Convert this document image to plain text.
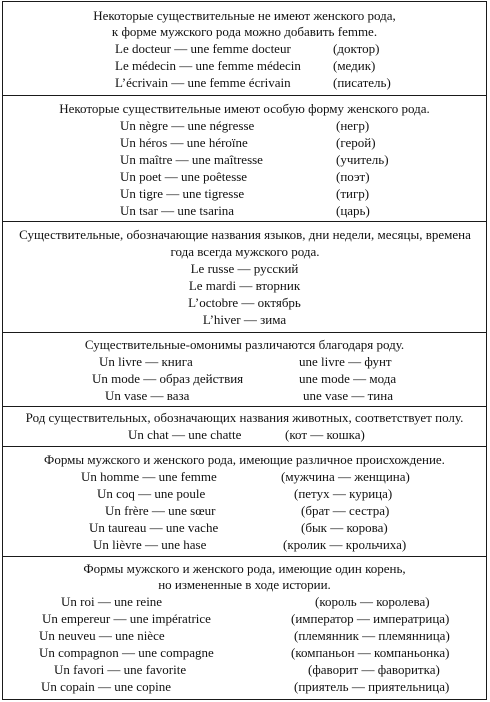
Некоторые существительные не имеют женского рода,
к форме мужского рода можно добавить femme.
Le docteur — une femme docteur	(доктор)
Le médecin — une femme médecin (медик)
L’écrivain — une femme écrivain	(писатель)
Некоторые существительные имеют особую форму женского рода.
Un nègre — une négresse	(негр)
Un héros — une héroïne	(герой)
Un maître — une maîtresse	(учитель)
Un poet — une poêtesse	(поэт)
Un tigre — une tigresse	(тигр)
Un tsar — une tsarina	(царь)
Существительные, обозначающие названия языков, дни недели, месяцы, времена года всегда мужского рода.
Le russe — русский
Le mardi — вторник
L’octobre — октябрь
L’hiver — зима
Существительные-омонимы различаются благодаря роду.
Un livre — книга	une livre — фунт
Un mode — образ действия	une mode — мода
Un vase — ваза	une vase — тина
Род существительных, обозначающих названия животных, соответствует полу.
Un chat — une chatte	(кот — кошка)
Формы мужского и женского рода, имеющие различное происхождение.
Un homme — une femme	(мужчина — женщина)
Un coq — une poule	(петух — курица)
Un frère — une sœur	(брат — сестра)
Un taureau — une vache	(бык — корова)
Un lièvre — une hase	(кролик — крольчиха)
Формы мужского и женского рода, имеющие один корень,
но измененные в ходе истории.
Un roi — une reine	(король — королева)
Un empereur — une impératrice	(император — императрица)
Un neuveu — une nièce	(племянник — племянница)
Un compagnon — une compagne	(компаньон — компаньонка)
Un favori — une favorite	(фаворит — фаворитка)
Un copain — une copine	(приятель — приятельница)
